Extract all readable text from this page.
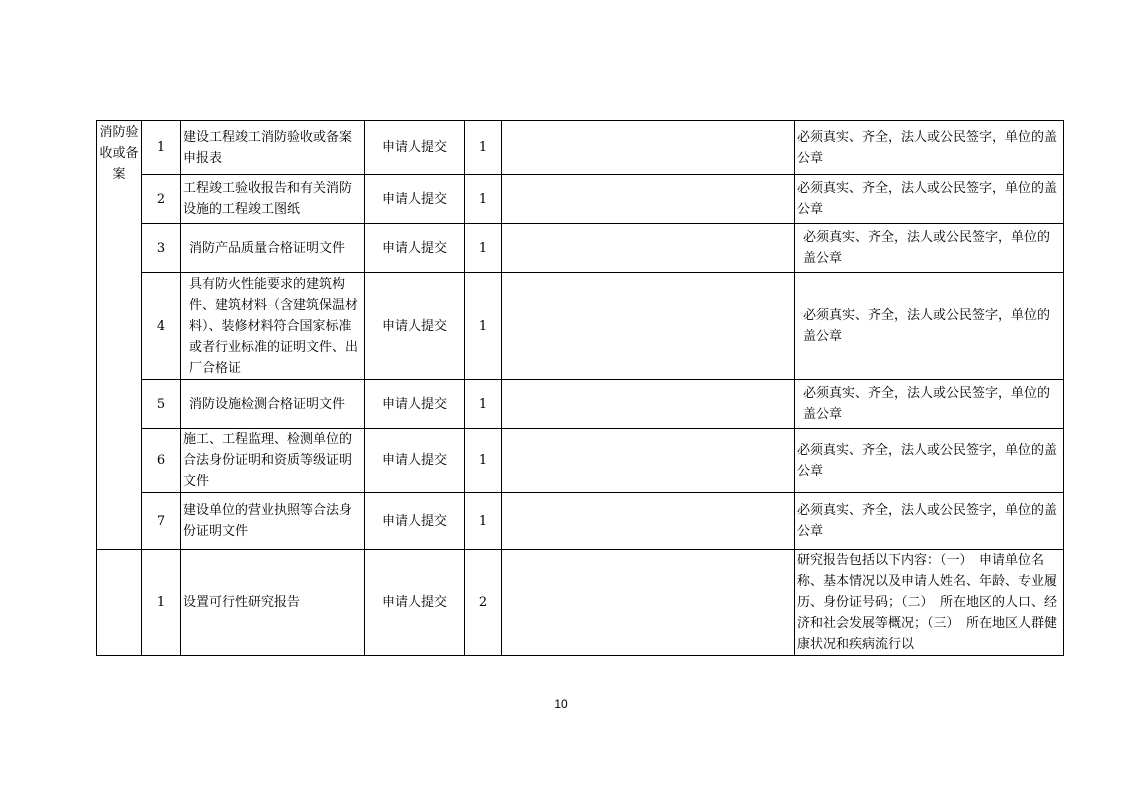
消防验收或备案	1	建设工程竣工消防验收或备案申报表	申请人提交	1		必须真实、齐全，法人或公民签字，单位的盖公章
	2	工程竣工验收报告和有关消防设施的工程竣工图纸	申请人提交	1		必须真实、齐全，法人或公民签字，单位的盖公章
	3	消防产品质量合格证明文件	申请人提交	1		必须真实、齐全，法人或公民签字，单位的盖公章
	4	具有防火性能要求的建筑构件、建筑材料（含建筑保温材料）、装修材料符合国家标准或者行业标准的证明文件、出厂合格证	申请人提交	1		必须真实、齐全，法人或公民签字，单位的盖公章
	5	消防设施检测合格证明文件	申请人提交	1		必须真实、齐全，法人或公民签字，单位的盖公章
	6	施工、工程监理、检测单位的合法身份证明和资质等级证明文件	申请人提交	1		必须真实、齐全，法人或公民签字，单位的盖公章
	7	建设单位的营业执照等合法身份证明文件	申请人提交	1		必须真实、齐全，法人或公民签字，单位的盖公章
	1	设置可行性研究报告	申请人提交	2		研究报告包括以下内容：（一）　申请单位名称、基本情况以及申请人姓名、年龄、专业履历、身份证号码；（二）　所在地区的人口、经济和社会发展等概况；（三）　所在地区人群健康状况和疾病流行以
10
